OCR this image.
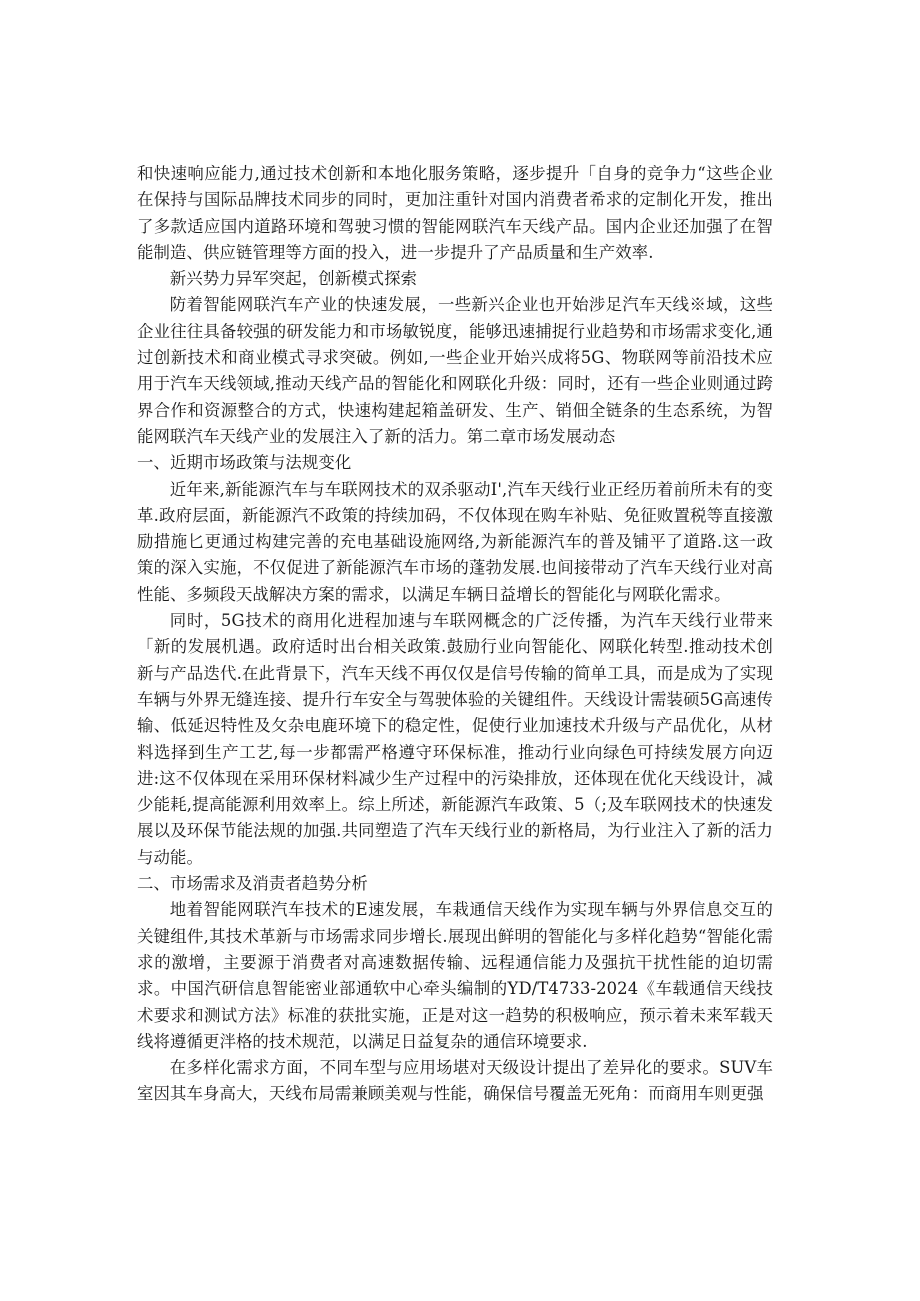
和快速响应能力,通过技术创新和本地化服务策略，逐步提升「自身的竞争力“这些企业在保持与国际品牌技术同步的同时，更加注重针对国内消费者希求的定制化开发，推出了多款适应国内道路环境和驾驶习惯的智能网联汽车天线产品。国内企业还加强了在智能制造、供应链管理等方面的投入，进一步提升了产品质量和生产效率.

新兴势力异军突起，创新模式探索

防着智能网联汽车产业的快速发展，一些新兴企业也开始涉足汽车天线※域，这些企业往往具备较强的研发能力和市场敏锐度，能够迅速捕捉行业趋势和市场需求变化,通过创新技术和商业模式寻求突破。例如,一些企业开始兴成将5G、物联网等前沿技术应用于汽车天线领域,推动天线产品的智能化和网联化升级：同时，还有一些企业则通过跨界合作和资源整合的方式，快速构建起箱盖研发、生产、销佃全链条的生态系统，为智能网联汽车天线产业的发展注入了新的活力。第二章市场发展动态

一、近期市场政策与法规变化

近年来,新能源汽车与车联网技术的双杀驱动I',汽车天线行业正经历着前所未有的变革.政府层面，新能源汽不政策的持续加码，不仅体现在购车补贴、免征败置税等直接激励措施匕更通过构建完善的充电基础设施网络,为新能源汽车的普及铺平了道路.这一政策的深入实施，不仅促进了新能源汽车市场的蓬勃发展.也间接带动了汽车天线行业对高性能、多频段天战解决方案的需求，以满足车辆日益增长的智能化与网联化需求。

同时，5G技术的商用化进程加速与车联网概念的广泛传播，为汽车天线行业带来「新的发展机遇。政府适时出台相关政策.鼓励行业向智能化、网联化转型.推动技术创新与产品迭代.在此背景下，汽车天线不再仅仅是信号传输的简单工具，而是成为了实现车辆与外界无缝连接、提升行车安全与驾驶体验的关键组件。天线设计需装硕5G高速传输、低延迟特性及攵杂电鹿环境下的稳定性，促使行业加速技术升级与产品优化，从材料选择到生产工艺,每一步都需严格遵守环保标准，推动行业向绿色可持续发展方向迈进:这不仅体现在采用环保材料减少生产过程中的污染排放，还体现在优化天线设计，减少能耗,提高能源利用效率上。综上所述，新能源汽车政策、5（;及车联网技术的快速发展以及环保节能法规的加强.共同塑造了汽车天线行业的新格局，为行业注入了新的活力与动能。

二、市场需求及消责者趋势分析

地着智能网联汽车技术的E速发展，车栽通信天线作为实现车辆与外界信息交互的关键组件,其技术革新与市场需求同步增长.展现出鲜明的智能化与多样化趋势“智能化需求的激增，主要源于消费者对高速数据传输、远程通信能力及强抗干扰性能的迫切需求。中国汽研信息智能密业部通软中心牵头编制的YD/T4733-2024《车载通信天线技术要求和测试方法》标准的获批实施，正是对这一趋势的积极响应，预示着未来军载天线将遵循更泮格的技术规范，以满足日益复杂的通信环境要求.

在多样化需求方面，不同车型与应用场堪对天级设计提出了差异化的要求。SUV车室因其车身高大，天线布局需兼顾美观与性能，确保信号覆盖无死角：而商用车则更强
